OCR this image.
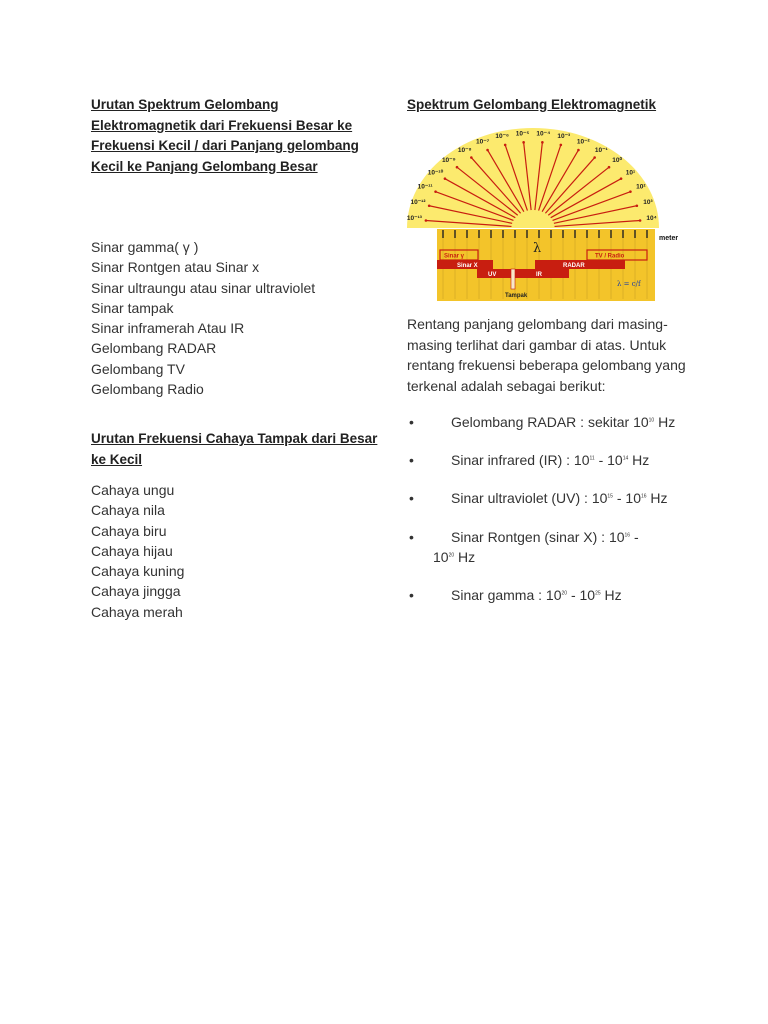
Urutan Spektrum Gelombang Elektromagnetik dari Frekuensi Besar ke Frekuensi Kecil / dari Panjang gelombang Kecil ke Panjang Gelombang Besar
Sinar gamma( γ )
Sinar Rontgen atau Sinar x
Sinar ultraungu atau sinar ultraviolet
Sinar tampak
Sinar inframerah Atau IR
Gelombang RADAR
Gelombang TV
Gelombang Radio
Urutan Frekuensi Cahaya Tampak dari Besar ke Kecil
Cahaya ungu
Cahaya nila
Cahaya biru
Cahaya hijau
Cahaya kuning
Cahaya jingga
Cahaya merah
Spektrum Gelombang Elektromagnetik
10⁻¹³
10⁻¹²
10⁻¹¹
10⁻¹⁰
10⁻⁹
10⁻⁸
10⁻⁷
10⁻⁶ 10⁻⁵ 10⁻⁴ 10⁻³
10⁻²
10⁻¹
10⁰
10¹
10²
10³
10⁴
meter
λ
Sinar γ
Sinar X
UV	IR
RADAR
TV / Radio
Tampak
λ = c/f
Rentang panjang gelombang dari masing-masing terlihat dari gambar di atas. Untuk rentang frekuensi beberapa gelombang yang terkenal adalah sebagai berikut:
•	Gelombang RADAR : sekitar $10^{10}$ Hz
•	Sinar infrared (IR) : $10^{11} - 10^{14}$ Hz
•	Sinar ultraviolet (UV) : $10^{15} - 10^{16}$ Hz
•	Sinar Rontgen (sinar X) : $10^{16}$ -
$10^{20}$ Hz
•	Sinar gamma : $10^{20} - 10^{25}$ Hz
